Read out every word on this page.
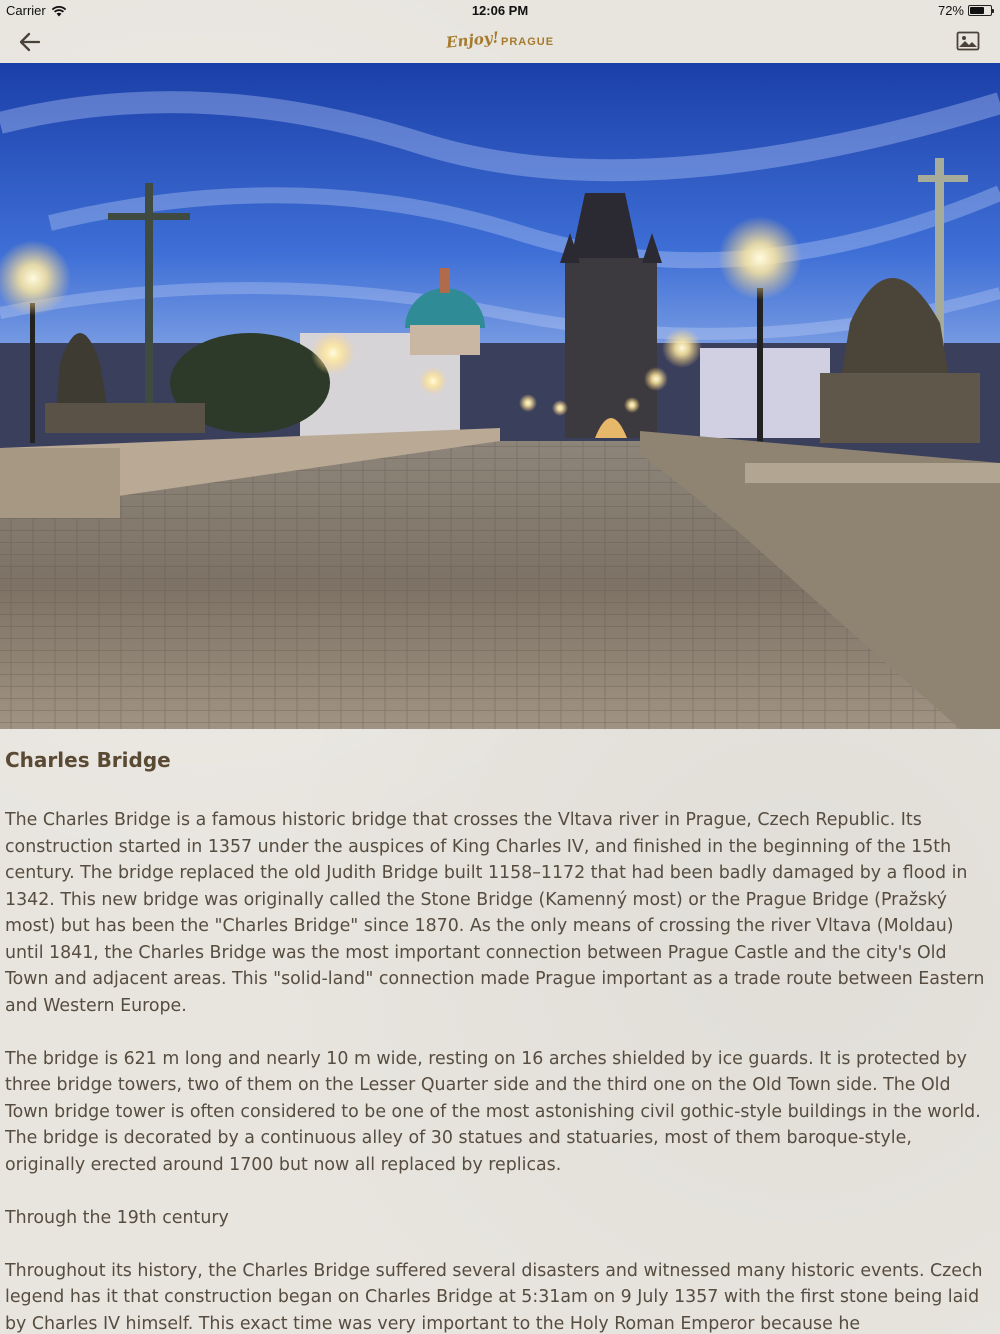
Carrier	12:06 PM	72%
Enjoy! PRAGUE
Charles Bridge

The Charles Bridge is a famous historic bridge that crosses the Vltava river in Prague, Czech Republic. Its construction started in 1357 under the auspices of King Charles IV, and finished in the beginning of the 15th century. The bridge replaced the old Judith Bridge built 1158–1172 that had been badly damaged by a flood in 1342. This new bridge was originally called the Stone Bridge (Kamenný most) or the Prague Bridge (Pražský most) but has been the "Charles Bridge" since 1870. As the only means of crossing the river Vltava (Moldau) until 1841, the Charles Bridge was the most important connection between Prague Castle and the city's Old Town and adjacent areas. This "solid-land" connection made Prague important as a trade route between Eastern and Western Europe.

The bridge is 621 m long and nearly 10 m wide, resting on 16 arches shielded by ice guards. It is protected by three bridge towers, two of them on the Lesser Quarter side and the third one on the Old Town side. The Old Town bridge tower is often considered to be one of the most astonishing civil gothic-style buildings in the world. The bridge is decorated by a continuous alley of 30 statues and statuaries, most of them baroque-style, originally erected around 1700 but now all replaced by replicas.

Through the 19th century

Throughout its history, the Charles Bridge suffered several disasters and witnessed many historic events. Czech legend has it that construction began on Charles Bridge at 5:31am on 9 July 1357 with the first stone being laid by Charles IV himself. This exact time was very important to the Holy Roman Emperor because he
